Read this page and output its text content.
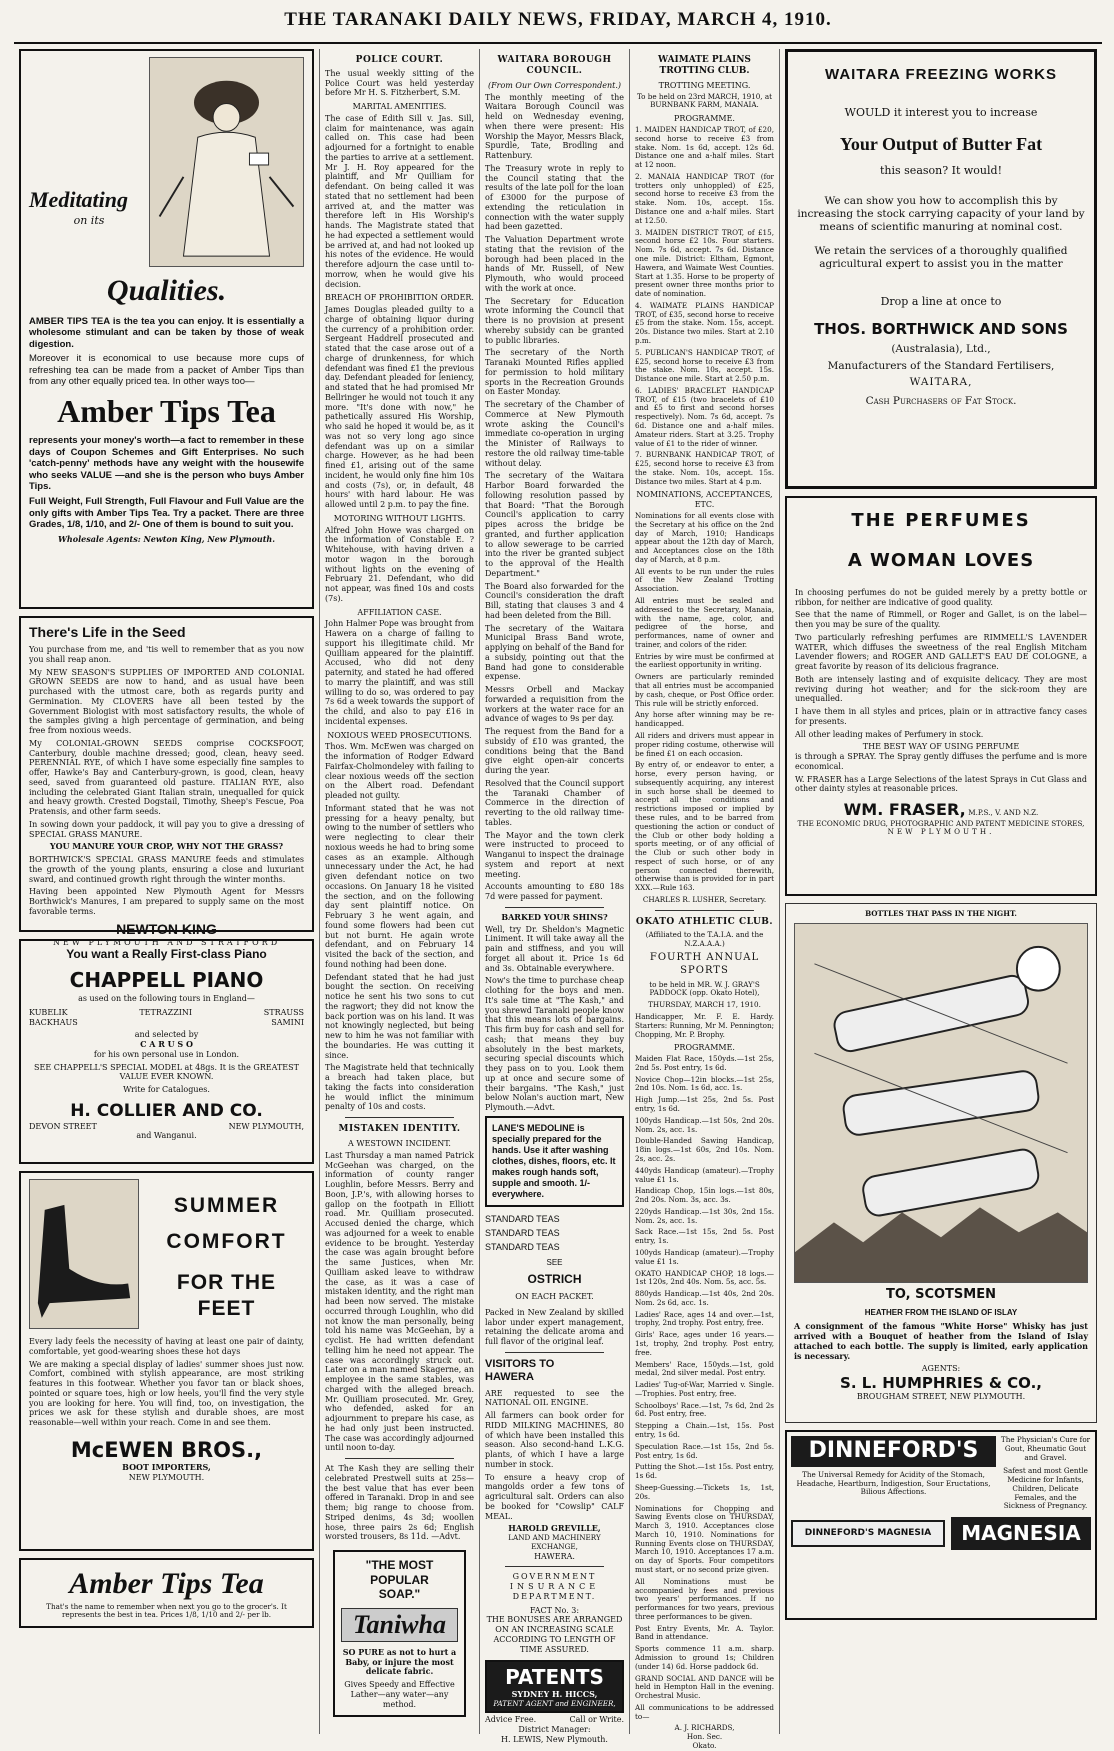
THE TARANAKI DAILY NEWS, FRIDAY, MARCH 4, 1910.
Meditating
on its
Qualities.
AMBER TIPS TEA is the tea you can enjoy. It is essentially a wholesome stimulant and can be taken by those of weak digestion.
Moreover it is economical to use because more cups of refreshing tea can be made from a packet of Amber Tips than from any other equally priced tea. In other ways too—
Amber Tips Tea
represents your money's worth—a fact to remember in these days of Coupon Schemes and Gift Enterprises. No such 'catch-penny' methods have any weight with the housewife who seeks VALUE —and she is the person who buys Amber Tips.
Full Weight, Full Strength, Full Flavour and Full Value are the only gifts with Amber Tips Tea. Try a packet. There are three Grades, 1/8, 1/10, and 2/- One of them is bound to suit you.
Wholesale Agents: Newton King, New Plymouth.
There's Life in the Seed
You purchase from me, and 'tis well to remember that as you now you shall reap anon.
My NEW SEASON'S SUPPLIES OF IMPORTED AND COLONIAL GROWN SEEDS are now to hand, and as usual have been purchased with the utmost care, both as regards purity and Germination. My CLOVERS have all been tested by the Government Biologist with most satisfactory results, the whole of the samples giving a high percentage of germination, and being free from noxious weeds.
My COLONIAL-GROWN SEEDS comprise COCKSFOOT, Canterbury, double machine dressed; good, clean, heavy seed. PERENNIAL RYE, of which I have some especially fine samples to offer, Hawke's Bay and Canterbury-grown, is good, clean, heavy seed, saved from guaranteed old pasture. ITALIAN RYE, also including the celebrated Giant Italian strain, unequalled for quick and heavy growth. Crested Dogstail, Timothy, Sheep's Fescue, Poa Pratensis, and other farm seeds.
In sowing down your paddock, it will pay you to give a dressing of SPECIAL GRASS MANURE.
YOU MANURE YOUR CROP, WHY NOT THE GRASS?
BORTHWICK'S SPECIAL GRASS MANURE feeds and stimulates the growth of the young plants, ensuring a close and luxuriant sward, and continued growth right through the winter months.
Having been appointed New Plymouth Agent for Messrs Borthwick's Manures, I am prepared to supply same on the most favorable terms.
NEWTON KING
NEW PLYMOUTH AND STRATFORD
You want a Really First-class Piano
CHAPPELL PIANO
as used on the following tours in England—
KUBELIK	TETRAZZINI	STRAUSS
BACKHAUS	SAMINI
and selected by
C A R U S O
for his own personal use in London.
SEE CHAPPELL'S SPECIAL MODEL at 48gs. It is the GREATEST VALUE EVER KNOWN.
Write for Catalogues.
H. COLLIER AND CO.
DEVON STREET	NEW PLYMOUTH,
and Wanganui.
SUMMER
COMFORT
FOR THE FEET
Every lady feels the necessity of having at least one pair of dainty, comfortable, yet good-wearing shoes these hot days
We are making a special display of ladies' summer shoes just now. Comfort, combined with stylish appearance, are most striking features in this footwear. Whether you favor tan or black shoes, pointed or square toes, high or low heels, you'll find the very style you are looking for here. You will find, too, on investigation, the prices we ask for these stylish and durable shoes, are most reasonable—well within your reach. Come in and see them.
McEWEN BROS.,
BOOT IMPORTERS,
NEW PLYMOUTH.
Amber Tips Tea
That's the name to remember when next you go to the grocer's. It represents the best in tea. Prices 1/8, 1/10 and 2/- per lb.
POLICE COURT.
The usual weekly sitting of the Police Court was held yesterday before Mr H. S. Fitzherbert, S.M.
MARITAL AMENITIES.
The case of Edith Sill v. Jas. Sill, claim for maintenance, was again called on. This case had been adjourned for a fortnight to enable the parties to arrive at a settlement. Mr J. H. Roy appeared for the plaintiff, and Mr Quilliam for defendant. On being called it was stated that no settlement had been arrived at, and the matter was therefore left in His Worship's hands. The Magistrate stated that he had expected a settlement would be arrived at, and had not looked up his notes of the evidence. He would therefore adjourn the case until to-morrow, when he would give his decision.
BREACH OF PROHIBITION ORDER.
James Douglas pleaded guilty to a charge of obtaining liquor during the currency of a prohibition order. Sergeant Haddrell prosecuted and stated that the case arose out of a charge of drunkenness, for which defendant was fined £1 the previous day. Defendant pleaded for leniency, and stated that he had promised Mr Bellringer he would not touch it any more. "It's done with now," he pathetically assured His Worship, who said he hoped it would be, as it was not so very long ago since defendant was up on a similar charge. However, as he had been fined £1, arising out of the same incident, he would only fine him 10s and costs (7s), or, in default, 48 hours' with hard labour. He was allowed until 2 p.m. to pay the fine.
MOTORING WITHOUT LIGHTS.
Alfred John Howe was charged on the information of Constable E. ? Whitehouse, with having driven a motor wagon in the borough without lights on the evening of February 21. Defendant, who did not appear, was fined 10s and costs (7s).
AFFILIATION CASE.
John Halmer Pope was brought from Hawera on a charge of failing to support his illegitimate child. Mr Quilliam appeared for the plaintiff. Accused, who did not deny paternity, and stated he had offered to marry the plaintiff, and was still willing to do so, was ordered to pay 7s 6d a week towards the support of the child, and also to pay £16 in incidental expenses.
NOXIOUS WEED PROSECUTIONS.
Thos. Wm. McEwen was charged on the information of Rodger Edward Fairfax-Cholmondeley with failing to clear noxious weeds off the section on the Albert road. Defendant pleaded not guilty.
Informant stated that he was not pressing for a heavy penalty, but owing to the number of settlers who were neglecting to clear their noxious weeds he had to bring some cases as an example. Although unnecessary under the Act, he had given defendant notice on two occasions. On January 18 he visited the section, and on the following day sent plaintiff notice. On February 3 he went again, and found some flowers had been cut but not burnt. He again wrote defendant, and on February 14 visited the back of the section, and found nothing had been done.
Defendant stated that he had just bought the section. On receiving notice he sent his two sons to cut the ragwort; they did not know the back portion was on his land. It was not knowingly neglected, but being new to him he was not familiar with the boundaries. He was cutting it since.
The Magistrate held that technically a breach had taken place, but taking the facts into consideration he would inflict the minimum penalty of 10s and costs.
MISTAKEN IDENTITY.
A WESTOWN INCIDENT.
Last Thursday a man named Patrick McGeehan was charged, on the information of county ranger Loughlin, before Messrs. Berry and Boon, J.P.'s, with allowing horses to gallop on the footpath in Elliott road. Mr. Quilliam prosecuted. Accused denied the charge, which was adjourned for a week to enable evidence to be brought. Yesterday the case was again brought before the same Justices, when Mr. Quilliam asked leave to withdraw the case, as it was a case of mistaken identity, and the right man had been now served. The mistake occurred through Loughlin, who did not know the man personally, being told his name was McGeehan, by a cyclist. He had written defendant telling him he need not appear. The case was accordingly struck out. Later on a man named Skagerne, an employee in the same stables, was charged with the alleged breach. Mr. Quilliam prosecuted. Mr. Grey, who defended, asked for an adjournment to prepare his case, as he had only just been instructed. The case was accordingly adjourned until noon to-day.
At The Kash they are selling their celebrated Prestwell suits at 25s—the best value that has ever been offered in Taranaki. Drop in and see them; big range to choose from. Striped denims, 4s 3d; woollen hose, three pairs 2s 6d; English worsted trousers, 8s 11d. —Advt.
"THE MOST
POPULAR
SOAP."
Taniwha
SO PURE as not to hurt a Baby, or injure the most delicate fabric.
Gives Speedy and Effective Lather—any water—any method.
WAITARA BOROUGH COUNCIL.
(From Our Own Correspondent.)
The monthly meeting of the Waitara Borough Council was held on Wednesday evening, when there were present: His Worship the Mayor, Messrs Black, Spurdle, Tate, Brodling and Rattenbury.
The Treasury wrote in reply to the Council stating that the results of the late poll for the loan of £3000 for the purpose of extending the reticulation in connection with the water supply had been gazetted.
The Valuation Department wrote stating that the revision of the borough had been placed in the hands of Mr. Russell, of New Plymouth, who would proceed with the work at once.
The Secretary for Education wrote informing the Council that there is no provision at present whereby subsidy can be granted to public libraries.
The secretary of the North Taranaki Mounted Rifles applied for permission to hold military sports in the Recreation Grounds on Easter Monday.
The secretary of the Chamber of Commerce at New Plymouth wrote asking the Council's immediate co-operation in urging the Minister of Railways to restore the old railway time-table without delay.
The secretary of the Waitara Harbor Board forwarded the following resolution passed by that Board: "That the Borough Council's application to carry pipes across the bridge be granted, and further application to allow sewerage to be carried into the river be granted subject to the approval of the Health Department."
The Board also forwarded for the Council's consideration the draft Bill, stating that clauses 3 and 4 had been deleted from the Bill.
The secretary of the Waitara Municipal Brass Band wrote, applying on behalf of the Band for a subsidy, pointing out that the Band had gone to considerable expense.
Messrs Orbell and Mackay forwarded a requisition from the workers at the water race for an advance of wages to 9s per day.
The request from the Band for a subsidy of £10 was granted, the conditions being that the Band give eight open-air concerts during the year.
Resolved that the Council support the Taranaki Chamber of Commerce in the direction of reverting to the old railway time-tables.
The Mayor and the town clerk were instructed to proceed to Wanganui to inspect the drainage system and report at next meeting.
Accounts amounting to £80 18s 7d were passed for payment.
BARKED YOUR SHINS?
Well, try Dr. Sheldon's Magnetic Liniment. It will take away all the pain and stiffness, and you will forget all about it. Price 1s 6d and 3s. Obtainable everywhere.
Now's the time to purchase cheap clothing for the boys and men. It's sale time at "The Kash," and you shrewd Taranaki people know that this means lots of bargains. This firm buy for cash and sell for cash; that means they buy absolutely in the best markets, securing special discounts which they pass on to you. Look them up at once and secure some of their bargains. "The Kash," just below Nolan's auction mart, New Plymouth.—Advt.
LANE'S MEDOLINE is specially prepared for the hands. Use it after washing clothes, dishes, floors, etc. It makes rough hands soft, supple and smooth. 1/- everywhere.
STANDARD TEAS
STANDARD TEAS
STANDARD TEAS
SEE
OSTRICH
ON EACH PACKET.
Packed in New Zealand by skilled labor under expert management, retaining the delicate aroma and full flavor of the original leaf.
VISITORS TO
HAWERA
ARE requested to see the NATIONAL OIL ENGINE.
All farmers can book order for RIDD MILKING MACHINES, 80 of which have been installed this season. Also second-hand L.K.G. plants, of which I have a large number in stock.
To ensure a heavy crop of mangolds order a few tons of agricultural salt. Orders can also be booked for "Cowslip" CALF MEAL.
HAROLD GREVILLE,
LAND AND MACHINERY EXCHANGE,
HAWERA.
GOVERNMENT
INSURANCE
DEPARTMENT.
FACT No. 3:
THE BONUSES ARE ARRANGED ON AN INCREASING SCALE ACCORDING TO LENGTH OF TIME ASSURED.
PATENTS
SYDNEY H. HICCS,
PATENT AGENT and ENGINEER,
Advice Free.	Call or Write.
District Manager:
H. LEWIS, New Plymouth.
WAIMATE PLAINS TROTTING CLUB.
TROTTING MEETING.
To be held on 23rd MARCH, 1910, at BURNBANK FARM, MANAIA.
PROGRAMME.
1. MAIDEN HANDICAP TROT, of £20, second horse to receive £3 from stake. Nom. 1s 6d, accept. 12s 6d. Distance one and a-half miles. Start at 12 noon.
2. MANAIA HANDICAP TROT (for trotters only unhoppled) of £25, second horse to receive £3 from the stake. Nom. 10s, accept. 15s. Distance one and a-half miles. Start at 12.50.
3. MAIDEN DISTRICT TROT, of £15, second horse £2 10s. Four starters. Nom. 7s 6d, accept. 7s 6d. Distance one mile. District: Eltham, Egmont, Hawera, and Waimate West Counties. Start at 1.35. Horse to be property of present owner three months prior to date of nomination.
4. WAIMATE PLAINS HANDICAP TROT, of £35, second horse to receive £5 from the stake. Nom. 15s, accept. 20s. Distance two miles. Start at 2.10 p.m.
5. PUBLICAN'S HANDICAP TROT, of £25, second horse to receive £3 from the stake. Nom. 10s, accept. 15s. Distance one mile. Start at 2.50 p.m.
6. LADIES' BRACELET HANDICAP TROT, of £15 (two bracelets of £10 and £5 to first and second horses respectively). Nom. 7s 6d, accept. 7s 6d. Distance one and a-half miles. Amateur riders. Start at 3.25. Trophy value of £1 to the rider of winner.
7. BURNBANK HANDICAP TROT, of £25, second horse to receive £3 from the stake. Nom. 10s, accept. 15s. Distance two miles. Start at 4 p.m.
NOMINATIONS, ACCEPTANCES, ETC.
Nominations for all events close with the Secretary at his office on the 2nd day of March, 1910; Handicaps appear about the 12th day of March, and Acceptances close on the 18th day of March, at 8 p.m.
All events to be run under the rules of the New Zealand Trotting Association.
All entries must be sealed and addressed to the Secretary, Manaia, with the name, age, color, and pedigree of the horse, and performances, name of owner and trainer, and colors of the rider.
Entries by wire must be confirmed at the earliest opportunity in writing.
Owners are particularly reminded that all entries must be accompanied by cash, cheque, or Post Office order. This rule will be strictly enforced.
Any horse after winning may be re-handicapped.
All riders and drivers must appear in proper riding costume, otherwise will be fined £1 on each occasion.
By entry of, or endeavor to enter, a horse, every person having, or subsequently acquiring, any interest in such horse shall be deemed to accept all the conditions and restrictions imposed or implied by these rules, and to be barred from questioning the action or conduct of the Club or other body holding a sports meeting, or of any official of the Club or such other body in respect of such horse, or of any person connected therewith, otherwise than is provided for in part XXX.—Rule 163.
CHARLES R. LUSHER, Secretary.
OKATO ATHLETIC CLUB.
(Affiliated to the T.A.I.A. and the N.Z.A.A.A.)
FOURTH ANNUAL SPORTS
to be held in MR. W. J. GRAY'S PADDOCK (opp. Okato Hotel),
THURSDAY, MARCH 17, 1910.
Handicapper, Mr. F. E. Hardy. Starters: Running, Mr M. Pennington; Chopping, Mr. P. Brophy.
PROGRAMME.
Maiden Flat Race, 150yds.—1st 25s, 2nd 5s. Post entry, 1s 6d.
Novice Chop—12in blocks.—1st 25s, 2nd 10s. Nom. 1s 6d, acc. 1s.
High Jump.—1st 25s, 2nd 5s. Post entry, 1s 6d.
100yds Handicap.—1st 50s, 2nd 20s. Nom. 2s, acc. 1s.
Double-Handed Sawing Handicap, 18in logs.—1st 60s, 2nd 10s. Nom. 2s, acc. 2s.
440yds Handicap (amateur).—Trophy value £1 1s.
Handicap Chop, 15in logs.—1st 80s, 2nd 20s. Nom. 3s, acc. 3s.
220yds Handicap.—1st 30s, 2nd 15s. Nom. 2s, acc. 1s.
Sack Race.—1st 15s, 2nd 5s. Post entry, 1s.
100yds Handicap (amateur).—Trophy value £1 1s.
OKATO HANDICAP CHOP, 18 logs.—1st 120s, 2nd 40s. Nom. 5s, acc. 5s.
880yds Handicap.—1st 40s, 2nd 20s. Nom. 2s 6d, acc. 1s.
Ladies' Race, ages 14 and over.—1st, trophy, 2nd trophy. Post entry, free.
Girls' Race, ages under 16 years.—1st, trophy, 2nd trophy. Post entry, free.
Members' Race, 150yds.—1st, gold medal, 2nd silver medal. Post entry.
Ladies' Tug-of-War, Married v. Single.—Trophies. Post entry, free.
Schoolboys' Race.—1st, 7s 6d, 2nd 2s 6d. Post entry, free.
Stepping a Chain.—1st, 15s. Post entry, 1s 6d.
Speculation Race.—1st 15s, 2nd 5s. Post entry, 1s 6d.
Putting the Shot.—1st 15s. Post entry, 1s 6d.
Sheep-Guessing.—Tickets 1s, 1st, 20s.
Nominations for Chopping and Sawing Events close on THURSDAY, March 3, 1910. Acceptances close March 10, 1910. Nominations for Running Events close on THURSDAY, March 10, 1910. Acceptances 17 a.m. on day of Sports. Four competitors must start, or no second prize given.
All Nominations must be accompanied by fees and previous two years' performances. If no performances for two years, previous three performances to be given.
Post Entry Events, Mr. A. Taylor. Band in attendance.
Sports commence 11 a.m. sharp. Admission to ground 1s; Children (under 14) 6d. Horse paddock 6d.
GRAND SOCIAL AND DANCE will be held in Hempton Hall in the evening. Orchestral Music.
All communications to be addressed to—
A. J. RICHARDS,
Hon. Sec.
Okato.
WAITARA FREEZING WORKS
WOULD it interest you to increase
Your Output of Butter Fat
this season? It would!
We can show you how to accomplish this by increasing the stock carrying capacity of your land by means of scientific manuring at nominal cost.
We retain the services of a thoroughly qualified agricultural expert to assist you in the matter
Drop a line at once to
THOS. BORTHWICK AND SONS
(Australasia), Ltd.,
Manufacturers of the Standard Fertilisers,
WAITARA,
Cash Purchasers of Fat Stock.
THE PERFUMES
A WOMAN LOVES
In choosing perfumes do not be guided merely by a pretty bottle or ribbon, for neither are indicative of good quality.
See that the name of Rimmell, or Roger and Gallet, is on the label—then you may be sure of the quality.
Two particularly refreshing perfumes are RIMMELL'S LAVENDER WATER, which diffuses the sweetness of the real English Mitcham Lavender flowers; and ROGER AND GALLET'S EAU DE COLOGNE, a great favorite by reason of its delicious fragrance.
Both are intensely lasting and of exquisite delicacy. They are most reviving during hot weather; and for the sick-room they are unequalled.
I have them in all styles and prices, plain or in attractive fancy cases for presents.
All other leading makes of Perfumery in stock.
THE BEST WAY OF USING PERFUME
is through a SPRAY. The Spray gently diffuses the perfume and is more economical.
W. FRASER has a Large Selections of the latest Sprays in Cut Glass and other dainty styles at reasonable prices.
WM. FRASER, M.P.S., V. AND N.Z.
THE ECONOMIC DRUG, PHOTOGRAPHIC AND PATENT MEDICINE STORES,
NEW PLYMOUTH.
BOTTLES THAT PASS IN THE NIGHT.
TO, SCOTSMEN
HEATHER FROM THE ISLAND OF ISLAY
A consignment of the famous "White Horse" Whisky has just arrived with a Bouquet of heather from the Island of Islay attached to each bottle. The supply is limited, early application is necessary.
AGENTS:
S. L. HUMPHRIES & CO.,
BROUGHAM STREET, NEW PLYMOUTH.
DINNEFORD'S
The Universal Remedy for Acidity of the Stomach, Headache, Heartburn, Indigestion, Sour Eructations, Bilious Affections.
The Physician's Cure for Gout, Rheumatic Gout and Gravel.
Safest and most Gentle Medicine for Infants, Children, Delicate Females, and the Sickness of Pregnancy.
DINNEFORD'S MAGNESIA	MAGNESIA
